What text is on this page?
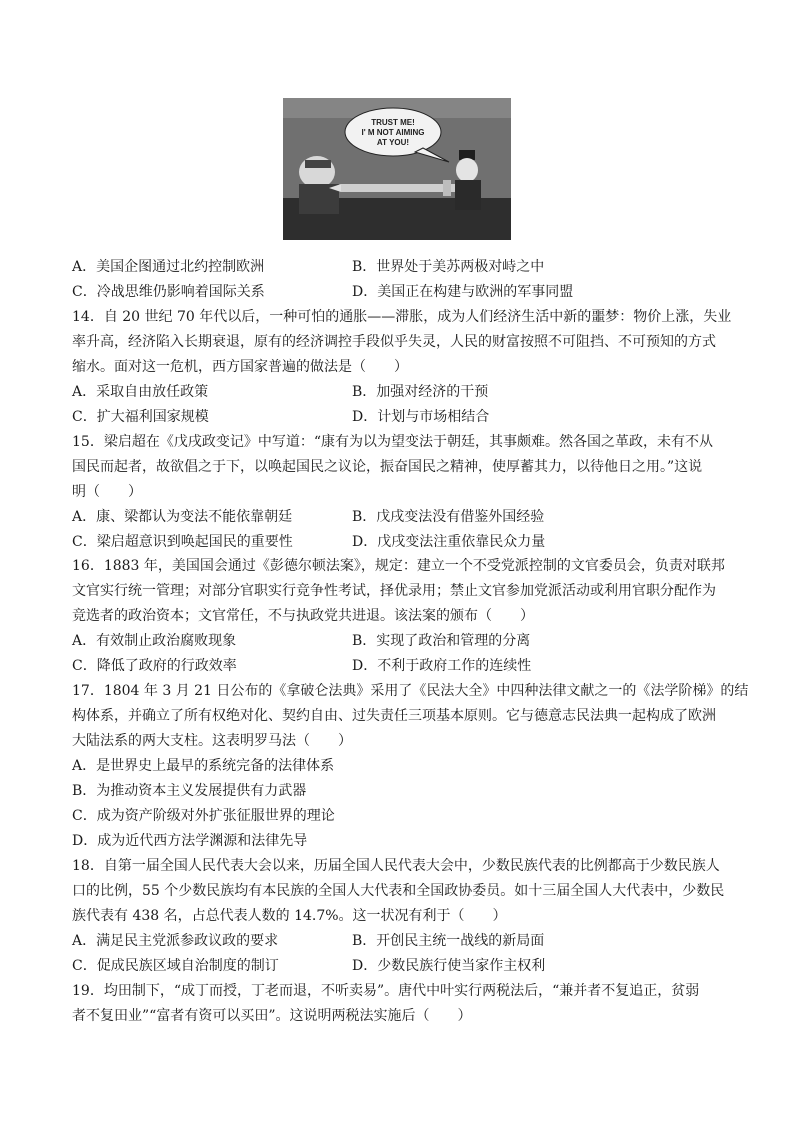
TRUST ME!
I' M NOT AIMING
AT YOU!
A．美国企图通过北约控制欧洲	B．世界处于美苏两极对峙之中
C．冷战思维仍影响着国际关系	D．美国正在构建与欧洲的军事同盟
14．自 20 世纪 70 年代以后，一种可怕的通胀——滞胀，成为人们经济生活中新的噩梦：物价上涨，失业
率升高，经济陷入长期衰退，原有的经济调控手段似乎失灵，人民的财富按照不可阻挡、不可预知的方式
缩水。面对这一危机，西方国家普遍的做法是（　　）
A．采取自由放任政策	B．加强对经济的干预
C．扩大福利国家规模	D．计划与市场相结合
15．梁启超在《戊戌政变记》中写道：“康有为以为望变法于朝廷，其事颇难。然各国之革政，未有不从
国民而起者，故欲倡之于下，以唤起国民之议论，振奋国民之精神，使厚蓄其力，以待他日之用。”这说
明（　　）
A．康、梁都认为变法不能依靠朝廷	B．戊戌变法没有借鉴外国经验
C．梁启超意识到唤起国民的重要性	D．戊戌变法注重依靠民众力量
16．1883 年，美国国会通过《彭德尔顿法案》，规定：建立一个不受党派控制的文官委员会，负责对联邦
文官实行统一管理；对部分官职实行竞争性考试，择优录用；禁止文官参加党派活动或利用官职分配作为
竞选者的政治资本；文官常任，不与执政党共进退。该法案的颁布（　　）
A．有效制止政治腐败现象	B．实现了政治和管理的分离
C．降低了政府的行政效率	D．不利于政府工作的连续性
17．1804 年 3 月 21 日公布的《拿破仑法典》采用了《民法大全》中四种法律文献之一的《法学阶梯》的结
构体系，并确立了所有权绝对化、契约自由、过失责任三项基本原则。它与德意志民法典一起构成了欧洲
大陆法系的两大支柱。这表明罗马法（　　）
A．是世界史上最早的系统完备的法律体系
B．为推动资本主义发展提供有力武器
C．成为资产阶级对外扩张征服世界的理论
D．成为近代西方法学渊源和法律先导
18．自第一届全国人民代表大会以来，历届全国人民代表大会中，少数民族代表的比例都高于少数民族人
口的比例，55 个少数民族均有本民族的全国人大代表和全国政协委员。如十三届全国人大代表中，少数民
族代表有 438 名，占总代表人数的 14.7%。这一状况有利于（　　）
A．满足民主党派参政议政的要求	B．开创民主统一战线的新局面
C．促成民族区域自治制度的制订	D．少数民族行使当家作主权利
19．均田制下，“成丁而授，丁老而退，不听卖易”。唐代中叶实行两税法后，“兼并者不复追正，贫弱
者不复田业”“富者有资可以买田”。这说明两税法实施后（　　）
